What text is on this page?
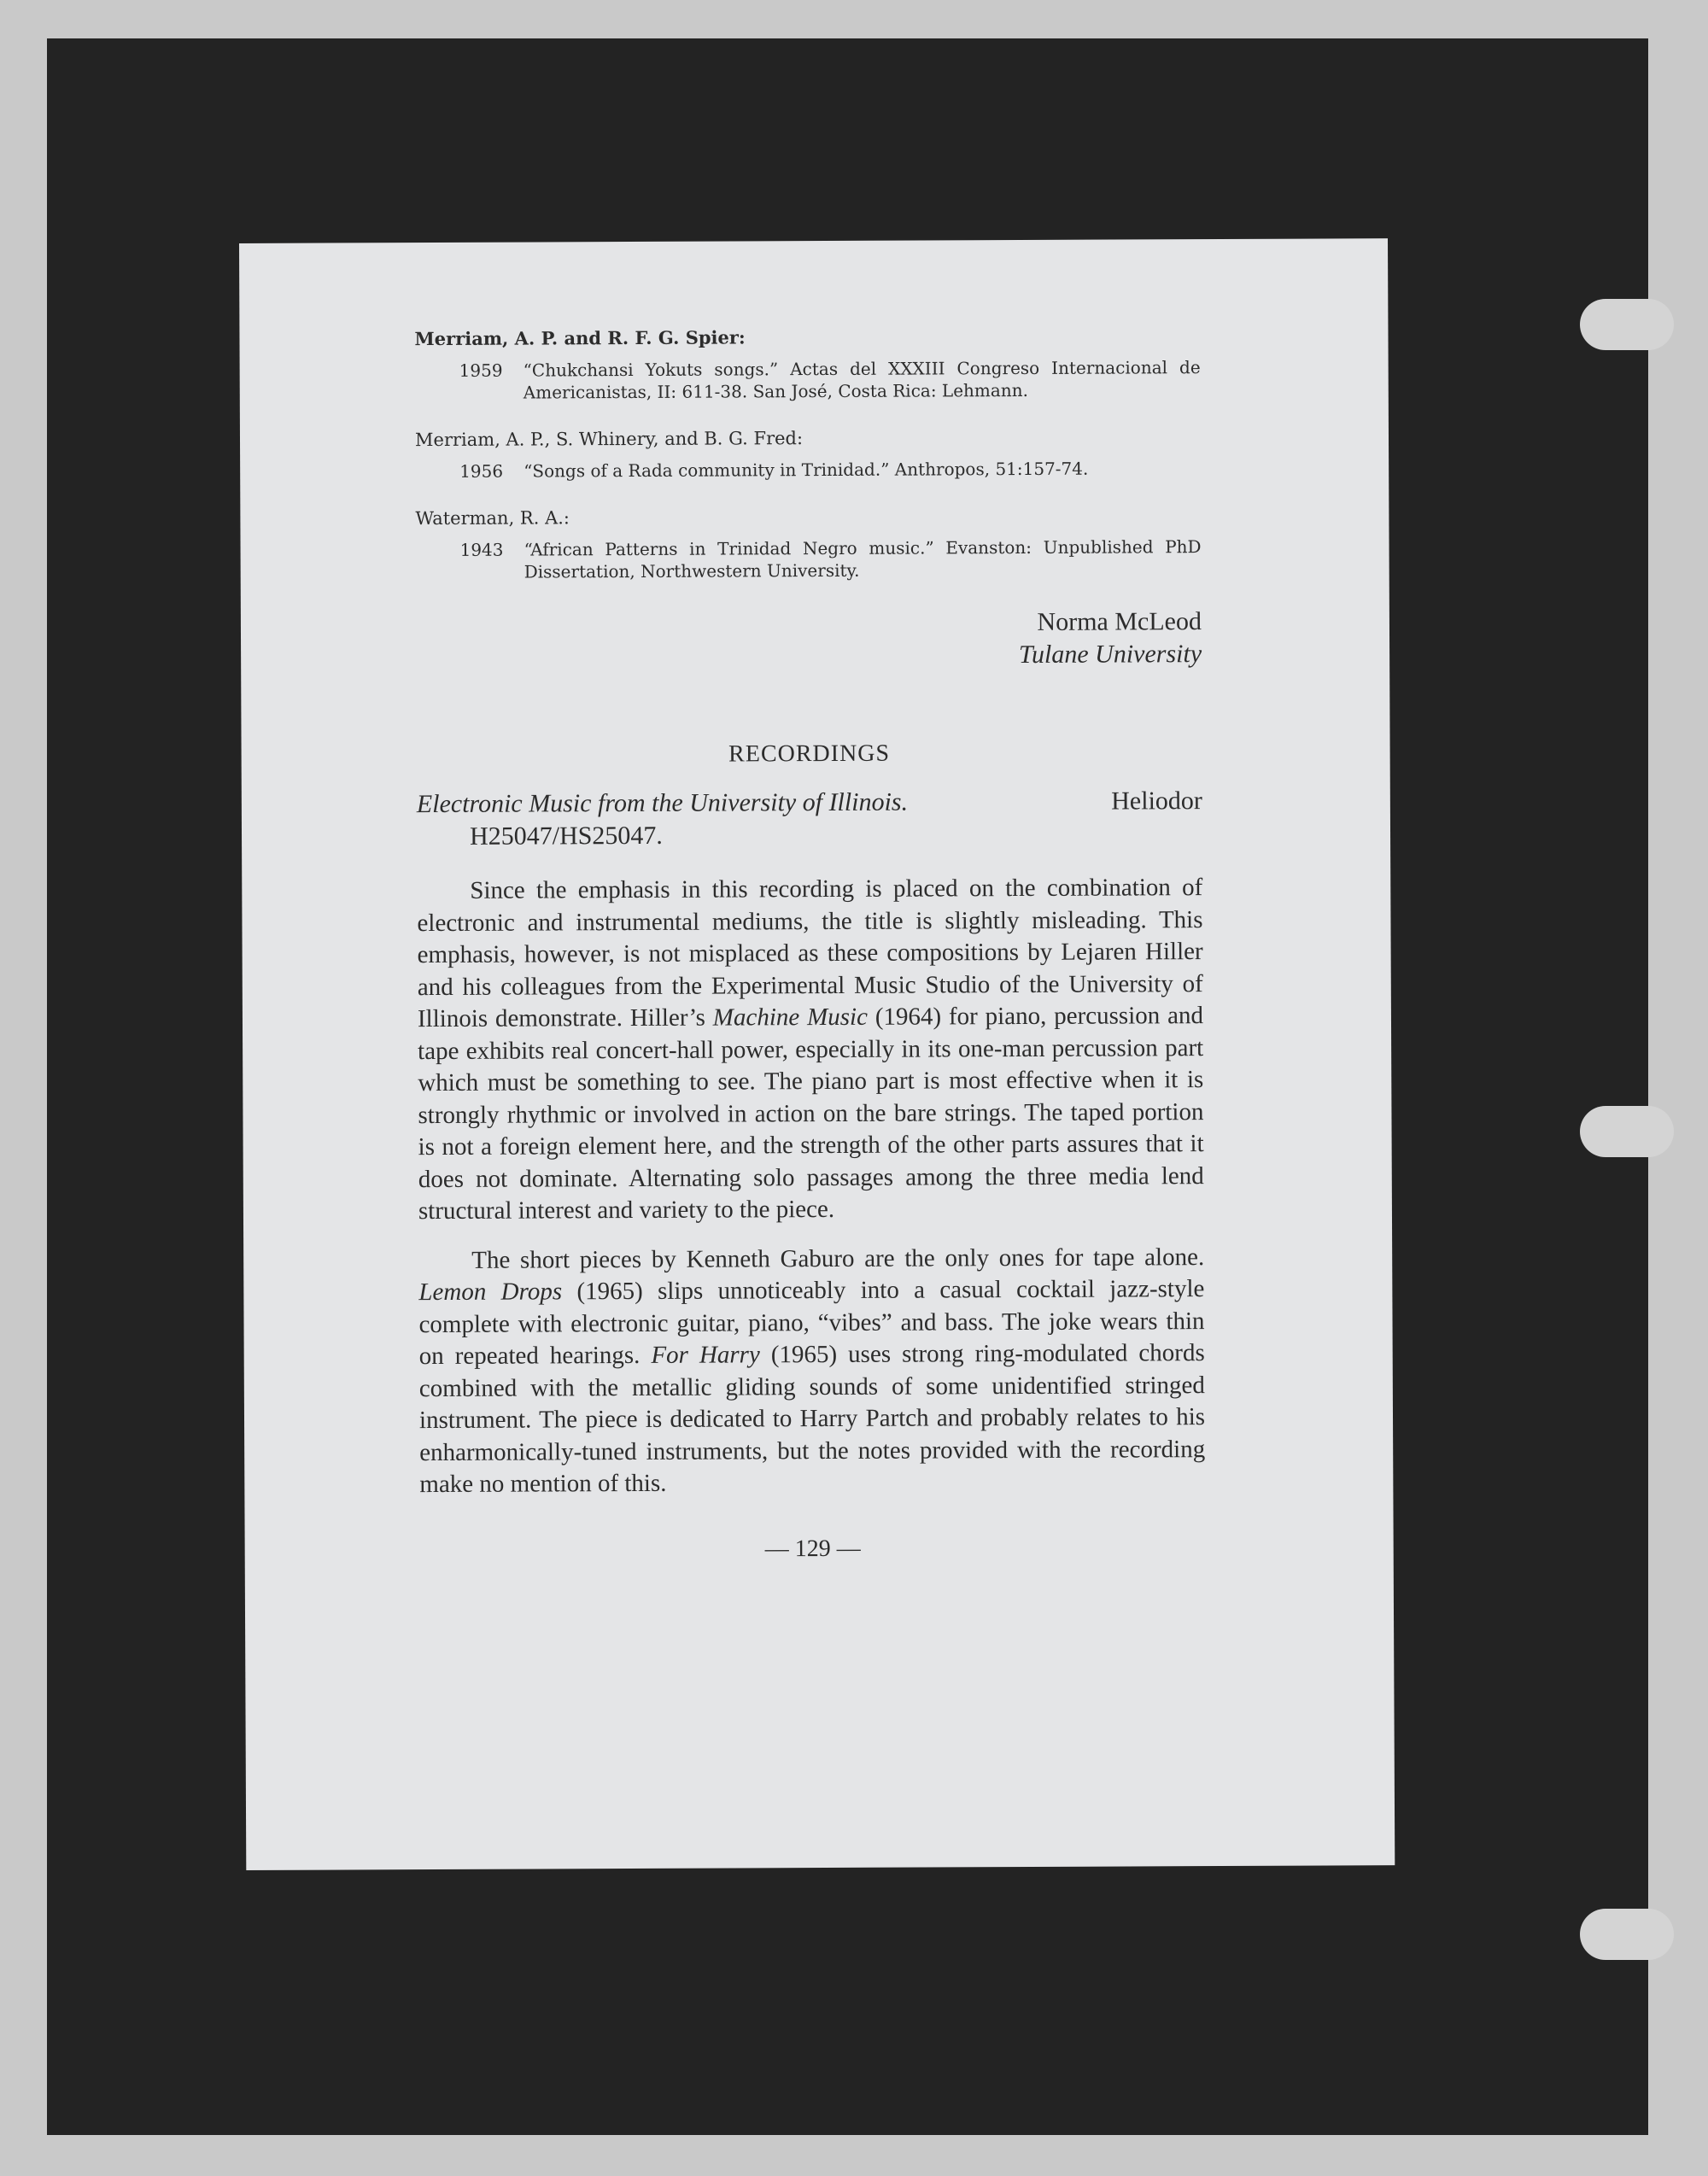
Merriam, A. P. and R. F. G. Spier:
1959	“Chukchansi Yokuts songs.” Actas del XXXIII Congreso Internacional de Americanistas, II: 611-38. San José, Costa Rica: Lehmann.
Merriam, A. P., S. Whinery, and B. G. Fred:
1956	“Songs of a Rada community in Trinidad.” Anthropos, 51:157-74.
Waterman, R. A.:
1943	“African Patterns in Trinidad Negro music.” Evanston: Unpublished PhD Dissertation, Northwestern University.
Norma McLeod
Tulane University
RECORDINGS
Heliodor
Electronic Music from the University of Illinois.
H25047/HS25047.

Since the emphasis in this recording is placed on the combination of electronic and instrumental mediums, the title is slightly misleading. This emphasis, however, is not misplaced as these compositions by Lejaren Hiller and his colleagues from the Experimental Music Studio of the University of Illinois demonstrate. Hiller’s Machine Music (1964) for piano, percussion and tape exhibits real concert-hall power, especially in its one-man percussion part which must be something to see. The piano part is most effective when it is strongly rhythmic or involved in action on the bare strings. The taped portion is not a foreign element here, and the strength of the other parts assures that it does not dominate. Alternating solo passages among the three media lend structural interest and variety to the piece.

The short pieces by Kenneth Gaburo are the only ones for tape alone. Lemon Drops (1965) slips unnoticeably into a casual cocktail jazz-style complete with electronic guitar, piano, “vibes” and bass. The joke wears thin on repeated hearings. For Harry (1965) uses strong ring-modulated chords combined with the metallic gliding sounds of some unidentified stringed instrument. The piece is dedicated to Harry Partch and probably relates to his enharmonically-tuned instruments, but the notes provided with the recording make no mention of this.

— 129 —
